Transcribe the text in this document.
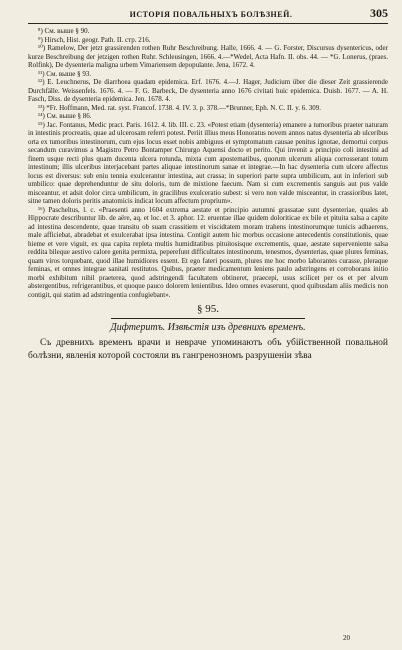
ИСТОРІЯ ПОВАЛЬНЫХЪ БОЛѢЗНЕЙ.	305

⁸) См. выше § 90.

⁹) Hirsch, Hist. geogr. Path. II. стр. 216.

¹⁰) Ramelow, Der jetzt grassirenden rothen Ruhr Beschreibung. Halle, 1666. 4. — G. Forster, Discursus dysentericus, oder kurze Beschreibung der jetzigen rothen Ruhr. Schleusingen, 1666. 4.—*Wedel, Acta Hafn. II. obs. 44. — *G. Lonerus, (praes. Rolfink), De dysenteria maligna urbem Vimariensem depopulante. Jena, 1672. 4.

¹¹) См. выше § 93.

¹²) E. Leuchnerus, De diarrhoea quadam epidemica. Erf. 1676. 4.—J. Hager, Judicium über die dieser Zeit grassierende Durchfälle. Weissenfels. 1676. 4. — F. G. Barbeck, De dysenteria anno 1676 civitati huic epidemica. Duisb. 1677. — A. H. Fasch, Diss. de dysenteria epidemica. Jen. 1678. 4.

¹³) *Fr. Hoffmann, Med. rat. syst. Francof. 1738. 4. IV. 3. p. 378.—*Brunner, Eph. N. C. II. y. 6. 309.

¹⁴) См. выше § 86.

¹⁵) Jac. Fontanus, Medic pract. Paris. 1612. 4. lib. III. c. 23. «Potest etiam (dysenteria) emanere a tumoribus praeter naturam in intestinis procreatis, quae ad ulcerosam referri potest. Periit illius meus Honoratus novem annos natus dysenteria ab ulceribus orta ex tumoribus intestinorum, cum ejus locus esset nobis ambiguus et symptomatum causae penitus ignotae, demortui corpus secandum curavimus a Magistro Petro Bontamper Chirurgo Aquensi docto et perito. Qui invenit a principio coli intestini ad finem usque recti plus quam ducenta ulcera rotunda, mixta cum apostematibus, quorum ulcerum aliqua corrosserant totum intestinum; illis ulceribus interjacebant partes aliquae intestinorum sanae et integrae.—In hac dysenteria cum ulcere affectus locus est diversus: sub eniu tennia exulcerantur intestina, aut crassa; in superiori parte supra umbilicum, aut in inferiori sub umbilico: quae deprehenduntur de situ doloris, tum de mixtione faecum. Nam si cum excrementis sanguis aut pus valde misceantur, et adsit dolor circa umbilicum, in gracilibus exulceratio subest: si vero non valde misceantur, in crassioribus latet, sitne tamen doloris peritis anatomicis indicat locum affectum proprium».

¹⁶) Pascheltus, l. c. «Praesenti anno 1604 extrema aestate et principio autumni grassatae sunt dysenteriae, quales ab Hippocrate describuntur lib. de aëre, aq. et loc. et 3. aphor. 12. eruentae illae quidem doloriticae ex bile et pituita salsa a capite ad intestina descendente, quae transitu ob suam crassitiem et viscidtatem moram trahens intestinorumque tunicis adhaerens, male afficiebat, abradebat et exulcerabat ipsa intestina. Contigit autem hic morbus occasione antecedentis constitutionis, quae hieme et vere viguit, ex qua capita repleta multis humiditatibus pituitosisque excrementis, quae, aestate superveniente salsa reddita bileque aestivo calore genita permixta, peperefunt difficultates intestinorum, tenesmos, dysenterias, quae plures feminas, quam viros torquebant, quod illae humidiores essent. Et ego fateri possum, plures me hoc morbo laborantes curasse, pleraque feminas, et omnes integrae sanitati restitutos. Quibus, praeter medicamentum leniens paulo adstringens et corroborans initio morbi exhibitum nihil praeterea, quod adstringendi facultatem obtineret, praecepi, usus scilicet per os et per alvum abstergentibus, refrigerantibus, et quoque pauco dolorem lenientibus. Ideo omnes evaserunt, quod quibusdam aliis medicis non contigit, qui statim ad adstringentia confugiebant».

§ 95.
Дифтеритъ. Извѣстія изъ древнихъ временъ.

Съ древнихъ временъ врачи и невраче упоминаютъ объ убійственной повальной болѣзни, явленія которой состояли въ гангренозномъ разрушеніи зѣва

20
